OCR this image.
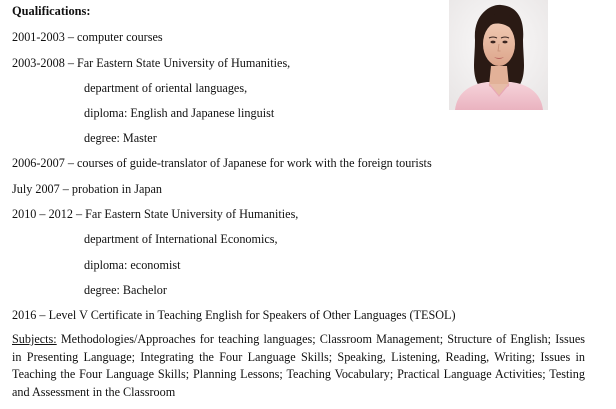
Qualifications:
2001-2003 – computer courses
2003-2008 – Far Eastern State University of Humanities,
department of oriental languages,
diploma: English and Japanese linguist
degree: Master
2006-2007 – courses of guide-translator of Japanese for work with the foreign tourists
July 2007 – probation in Japan
2010 – 2012 – Far Eastern State University of Humanities,
department of International Economics,
diploma: economist
degree: Bachelor
2016 – Level V Certificate in Teaching English for Speakers of Other Languages (TESOL)
Subjects: Methodologies/Approaches for teaching languages; Classroom Management; Structure of English; Issues in Presenting Language; Integrating the Four Language Skills; Speaking, Listening, Reading, Writing; Issues in Teaching the Four Language Skills; Planning Lessons; Teaching Vocabulary; Practical Language Activities; Testing and Assessment in the Classroom
